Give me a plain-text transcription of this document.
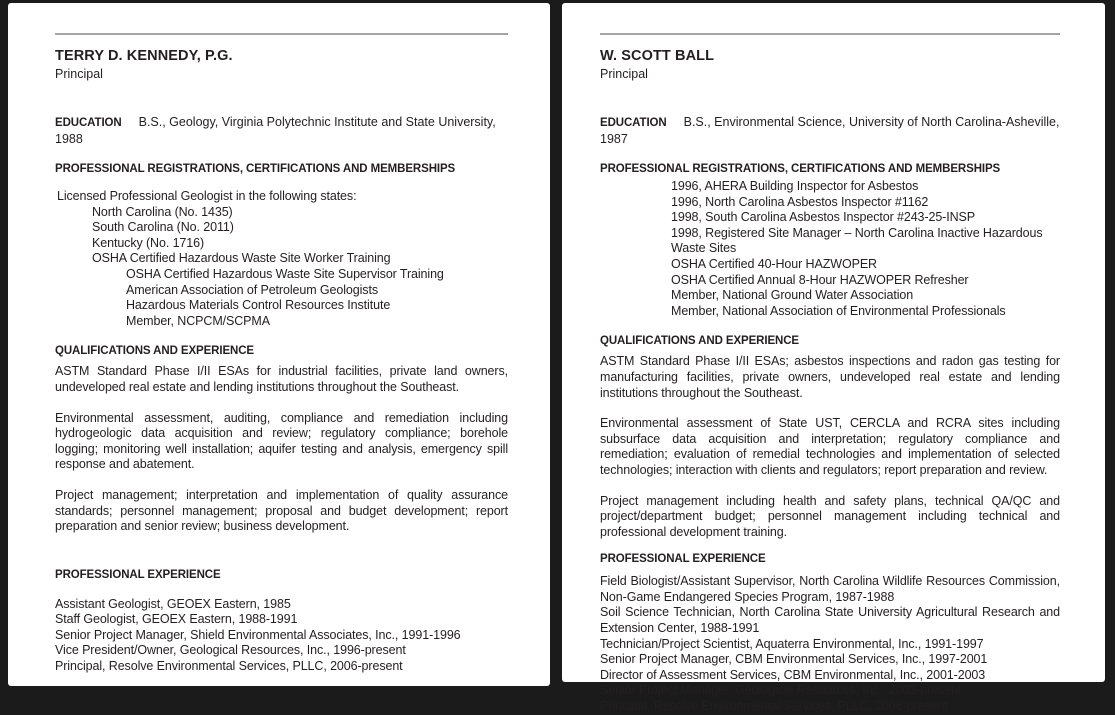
TERRY D. KENNEDY, P.G.
Principal
EDUCATION B.S., Geology, Virginia Polytechnic Institute and State University, 1988
PROFESSIONAL REGISTRATIONS, CERTIFICATIONS AND MEMBERSHIPS
Licensed Professional Geologist in the following states:
North Carolina (No. 1435)
South Carolina (No. 2011)
Kentucky (No. 1716)
OSHA Certified Hazardous Waste Site Worker Training
OSHA Certified Hazardous Waste Site Supervisor Training
American Association of Petroleum Geologists
Hazardous Materials Control Resources Institute
Member, NCPCM/SCPMA
QUALIFICATIONS AND EXPERIENCE

ASTM Standard Phase I/II ESAs for industrial facilities, private land owners, undeveloped real estate and lending institutions throughout the Southeast.

Environmental assessment, auditing, compliance and remediation including hydrogeologic data acquisition and review; regulatory compliance; borehole logging; monitoring well installation; aquifer testing and analysis, emergency spill response and abatement.

Project management; interpretation and implementation of quality assurance standards; personnel management; proposal and budget development; report preparation and senior review; business development.

PROFESSIONAL EXPERIENCE
Assistant Geologist, GEOEX Eastern, 1985
Staff Geologist, GEOEX Eastern, 1988-1991
Senior Project Manager, Shield Environmental Associates, Inc., 1991-1996
Vice President/Owner, Geological Resources, Inc., 1996-present
Principal, Resolve Environmental Services, PLLC, 2006-present
W. SCOTT BALL
Principal
EDUCATION B.S., Environmental Science, University of North Carolina-Asheville, 1987
PROFESSIONAL REGISTRATIONS, CERTIFICATIONS AND MEMBERSHIPS
1996, AHERA Building Inspector for Asbestos
1996, North Carolina Asbestos Inspector #1162
1998, South Carolina Asbestos Inspector #243-25-INSP
1998, Registered Site Manager – North Carolina Inactive Hazardous Waste Sites
OSHA Certified 40-Hour HAZWOPER
OSHA Certified Annual 8-Hour HAZWOPER Refresher
Member, National Ground Water Association
Member, National Association of Environmental Professionals
QUALIFICATIONS AND EXPERIENCE

ASTM Standard Phase I/II ESAs; asbestos inspections and radon gas testing for manufacturing facilities, private owners, undeveloped real estate and lending institutions throughout the Southeast.

Environmental assessment of State UST, CERCLA and RCRA sites including subsurface data acquisition and interpretation; regulatory compliance and remediation; evaluation of remedial technologies and implementation of selected technologies; interaction with clients and regulators; report preparation and review.

Project management including health and safety plans, technical QA/QC and project/department budget; personnel management including technical and professional development training.

PROFESSIONAL EXPERIENCE
Field Biologist/Assistant Supervisor, North Carolina Wildlife Resources Commission, Non-Game Endangered Species Program, 1987-1988
Soil Science Technician, North Carolina State University Agricultural Research and Extension Center, 1988-1991
Technician/Project Scientist, Aquaterra Environmental, Inc., 1991-1997
Senior Project Manager, CBM Environmental Services, Inc., 1997-2001
Director of Assessment Services, CBM Environmental, Inc., 2001-2003
Senior Project Manager, Geological Resources, Inc., 2003-present
Principal, Resolve Environmental Services, PLLC, 2006-present
